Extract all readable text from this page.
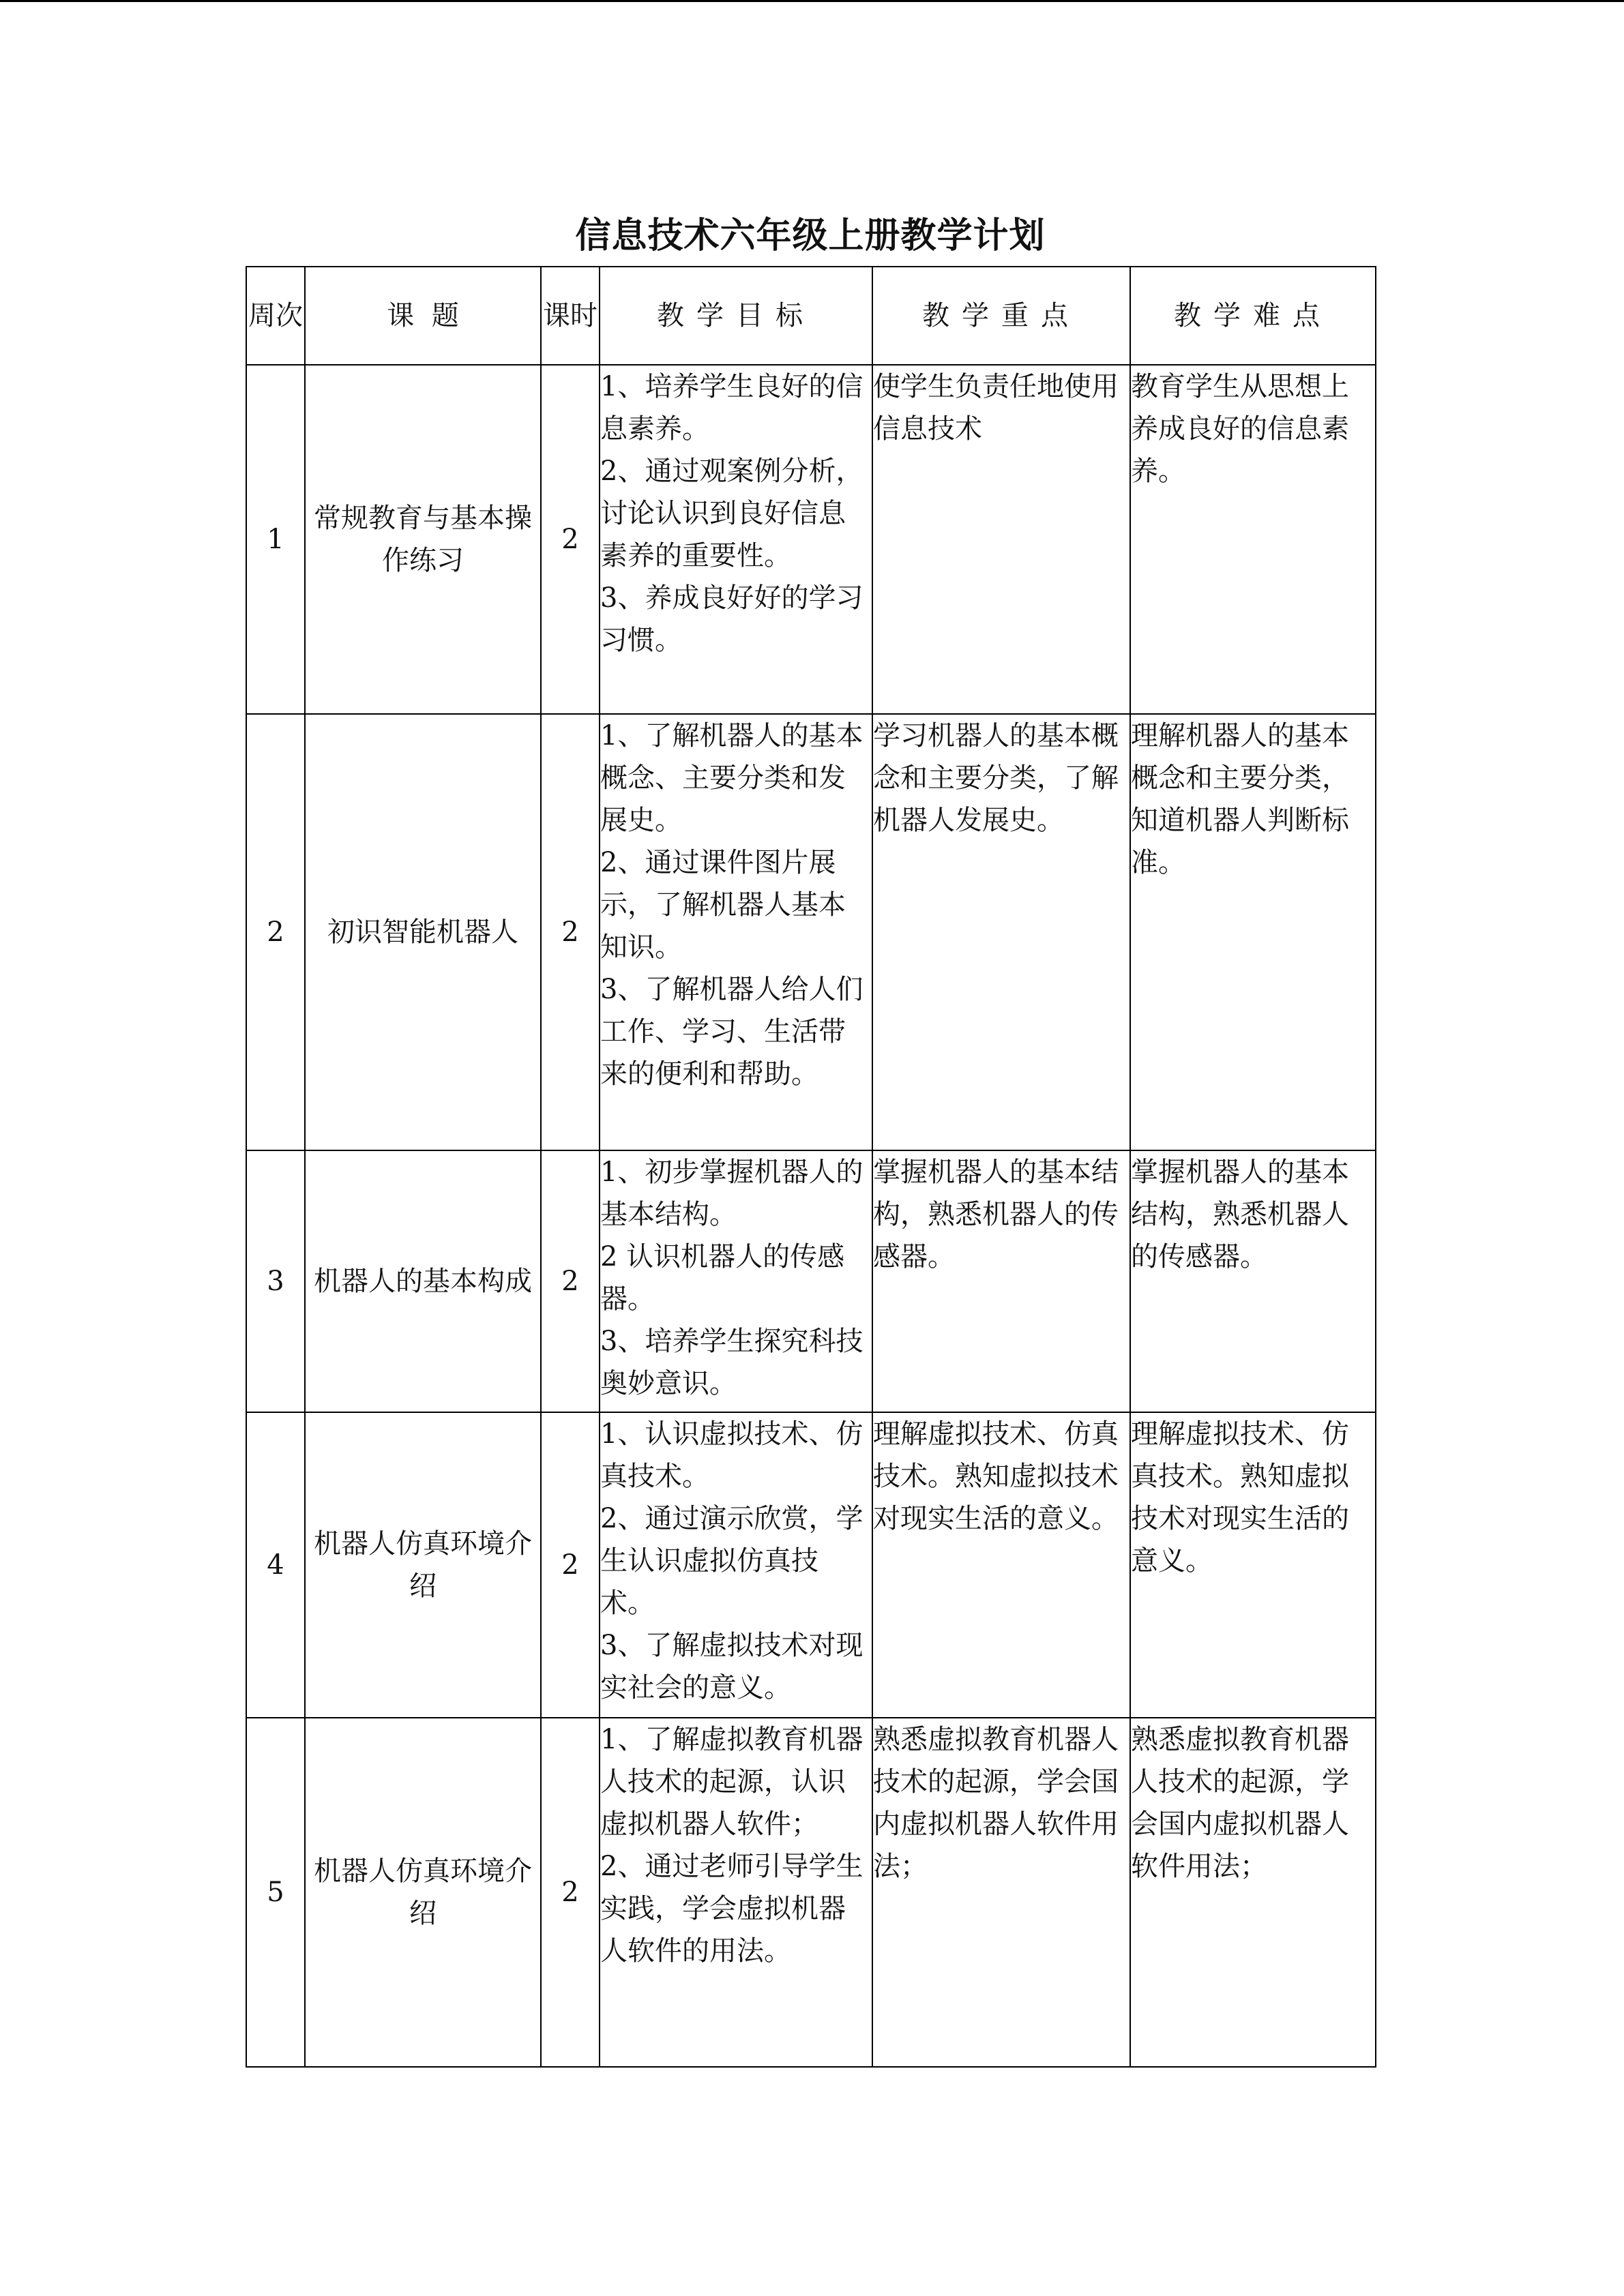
信息技术六年级上册教学计划
周次	课  题	课时	教学目标	教学重点	教学难点
1	常规教育与基本操作练习	2	1、培养学生良好的信息素养。
2、通过观案例分析，讨论认识到良好信息素养的重要性。
3、养成良好好的学习习惯。	使学生负责任地使用信息技术	教育学生从思想上养成良好的信息素养。
2	初识智能机器人	2	1、了解机器人的基本概念、主要分类和发展史。
2、通过课件图片展示，了解机器人基本知识。
3、了解机器人给人们工作、学习、生活带来的便利和帮助。	学习机器人的基本概念和主要分类，了解机器人发展史。	理解机器人的基本概念和主要分类，知道机器人判断标准。
3	机器人的基本构成	2	1、初步掌握机器人的基本结构。
2 认识机器人的传感器。
3、培养学生探究科技奥妙意识。	掌握机器人的基本结构，熟悉机器人的传感器。	掌握机器人的基本结构，熟悉机器人的传感器。
4	机器人仿真环境介绍	2	1、认识虚拟技术、仿真技术。
2、通过演示欣赏，学生认识虚拟仿真技术。
3、了解虚拟技术对现实社会的意义。	理解虚拟技术、仿真技术。熟知虚拟技术对现实生活的意义。	理解虚拟技术、仿真技术。熟知虚拟技术对现实生活的意义。
5	机器人仿真环境介绍	2	1、了解虚拟教育机器人技术的起源，认识虚拟机器人软件；
2、通过老师引导学生实践，学会虚拟机器人软件的用法。	熟悉虚拟教育机器人技术的起源，学会国内虚拟机器人软件用法；	熟悉虚拟教育机器人技术的起源，学会国内虚拟机器人软件用法；
